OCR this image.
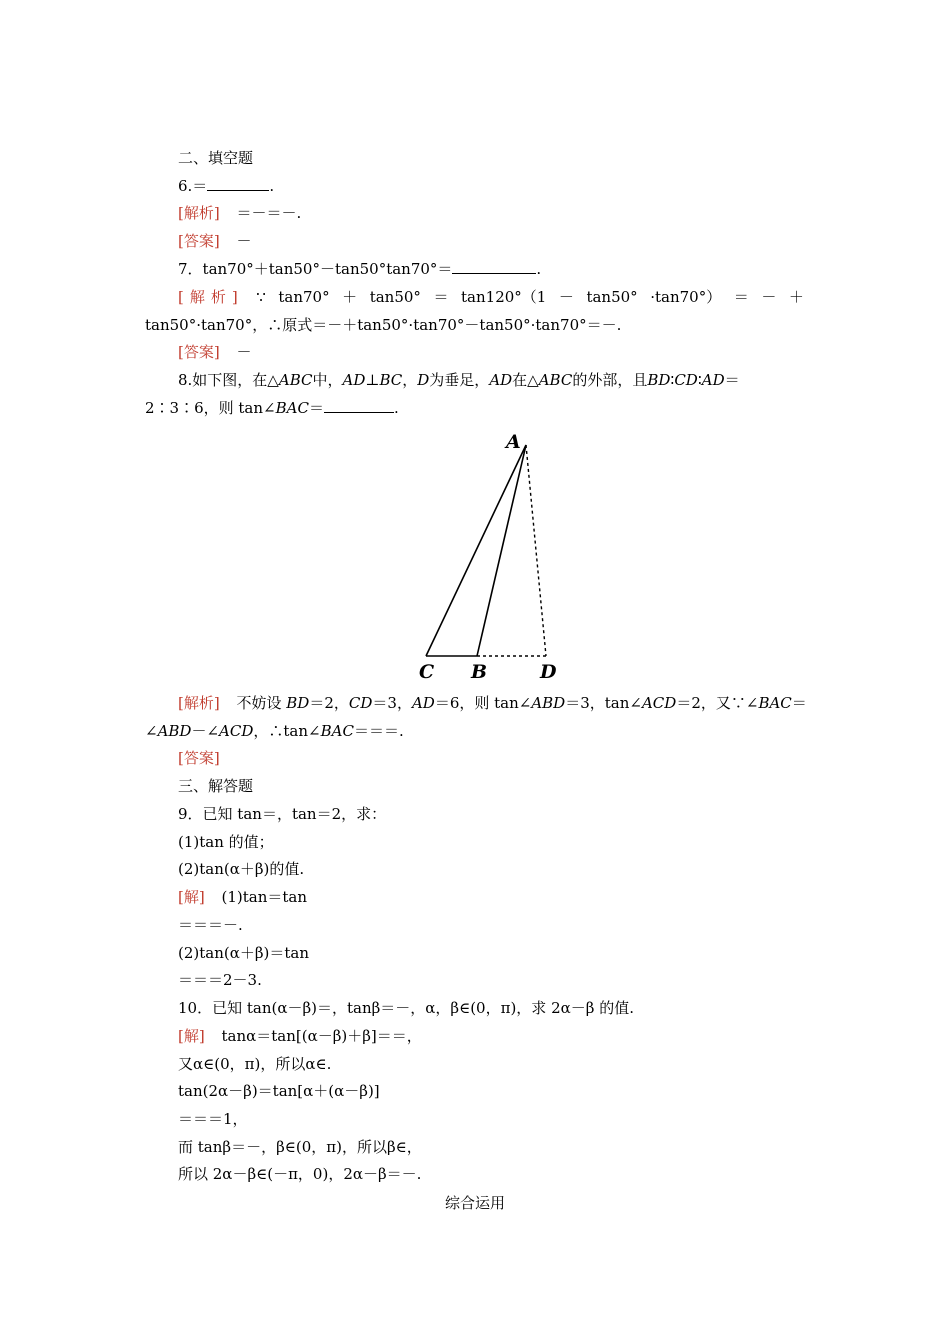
二、填空题
6.＝	.
[解析] ＝－＝－.
[答案] －
7．tan70°＋tan50°－tan50°tan70°＝	.
[解析] ∵ tan70° ＋ tan50° ＝ tan120°（1 － tan50° ·tan70°） ＝ － ＋
tan50°·tan70°，∴原式＝－＋tan50°·tan70°－tan50°·tan70°＝－.
[答案] －
8.如下图，在△ABC中，AD⊥BC，D为垂足，AD在△ABC的外部，且BD∶CD∶AD＝
2∶3∶6，则 tan∠BAC＝	.
A
C B	D
[解析] 不妨设 BD＝2，CD＝3，AD＝6，则 tan∠ABD＝3，tan∠ACD＝2，又∵∠BAC＝
∠ABD－∠ACD，∴tan∠BAC＝＝＝.
[答案]
三、解答题
9．已知 tan＝，tan＝2，求：
(1)tan 的值；
(2)tan(α＋β)的值.
[解] (1)tan＝tan
＝＝＝－.
(2)tan(α＋β)＝tan
＝＝＝2－3.
10．已知 tan(α－β)＝，tanβ＝－，α，β∈(0，π)，求 2α－β 的值.
[解] tanα＝tan[(α－β)＋β]＝＝，
又α∈(0，π)，所以α∈.
tan(2α－β)＝tan[α＋(α－β)]
＝＝＝1，
而 tanβ＝－，β∈(0，π)，所以β∈，
所以 2α－β∈(－π，0)，2α－β＝－.
综合运用
